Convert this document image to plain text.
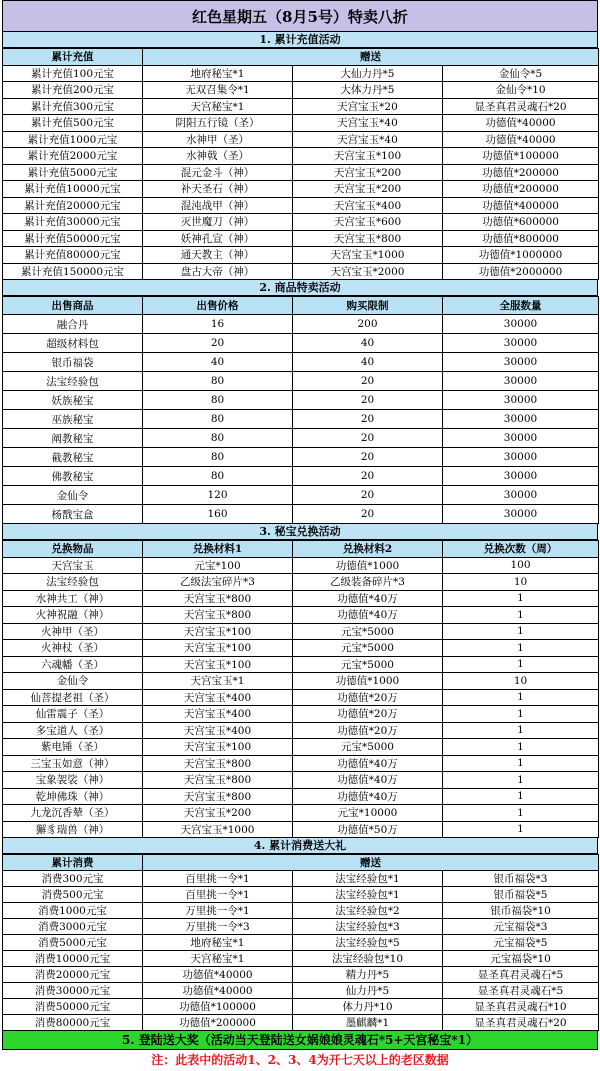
红色星期五（8月5号）特卖八折
1. 累计充值活动
累计充值	赠送		
累计充值100元宝	地府秘宝*1	大仙力丹*5	金仙令*5
累计充值200元宝	无双召集令*1	大体力丹*5	金仙令*10
累计充值300元宝	天宫秘宝*1	天宫宝玉*20	显圣真君灵魂石*20
累计充值500元宝	阴阳五行镜（圣）	天宫宝玉*40	功德值*40000
累计充值1000元宝	水神甲（圣）	天宫宝玉*40	功德值*40000
累计充值2000元宝	水神戟（圣）	天宫宝玉*100	功德值*100000
累计充值5000元宝	混元金斗（神）	天宫宝玉*200	功德值*200000
累计充值10000元宝	补天圣石（神）	天宫宝玉*200	功德值*200000
累计充值20000元宝	混沌战甲（神）	天宫宝玉*400	功德值*400000
累计充值30000元宝	灭世魔刀（神）	天宫宝玉*600	功德值*600000
累计充值50000元宝	妖神孔宣（神）	天宫宝玉*800	功德值*800000
累计充值80000元宝	通天教主（神）	天宫宝玉*1000	功德值*1000000
累计充值150000元宝	盘古大帝（神）	天宫宝玉*2000	功德值*2000000
2. 商品特卖活动
出售商品	出售价格	购买限制	全服数量
融合丹	16	200	30000
超级材料包	20	40	30000
银币福袋	40	40	30000
法宝经验包	80	20	30000
妖族秘宝	80	20	30000
巫族秘宝	80	20	30000
阐教秘宝	80	20	30000
截教秘宝	80	20	30000
佛教秘宝	80	20	30000
金仙令	120	20	30000
杨戬宝盒	160	20	30000
3. 秘宝兑换活动
兑换物品	兑换材料1	兑换材料2	兑换次数（周）
天宫宝玉	元宝*100	功德值*1000	100
法宝经验包	乙级法宝碎片*3	乙级装备碎片*3	10
水神共工（神）	天宫宝玉*800	功德值*40万	1
火神祝融（神）	天宫宝玉*800	功德值*40万	1
火神甲（圣）	天宫宝玉*100	元宝*5000	1
火神杖（圣）	天宫宝玉*100	元宝*5000	1
六魂幡（圣）	天宫宝玉*100	元宝*5000	1
金仙令	天宫宝玉*1	功德值*1000	10
仙菩提老祖（圣）	天宫宝玉*400	功德值*20万	1
仙雷震子（圣）	天宫宝玉*400	功德值*20万	1
多宝道人（圣）	天宫宝玉*400	功德值*20万	1
紫电锤（圣）	天宫宝玉*100	元宝*5000	1
三宝玉如意（神）	天宫宝玉*800	功德值*40万	1
宝象袈裟（神）	天宫宝玉*800	功德值*40万	1
乾坤佛珠（神）	天宫宝玉*800	功德值*40万	1
九龙沉香辇（圣）	天宫宝玉*200	元宝*10000	1
獬豸瑞兽（神）	天宫宝玉*1000	功德值*50万	1
4. 累计消费送大礼
累计消费	赠送		
消费300元宝	百里挑一令*1	法宝经验包*1	银币福袋*3
消费500元宝	百里挑一令*1	法宝经验包*1	银币福袋*5
消费1000元宝	万里挑一令*1	法宝经验包*2	银币福袋*10
消费3000元宝	万里挑一令*3	法宝经验包*3	元宝福袋*3
消费5000元宝	地府秘宝*1	法宝经验包*5	元宝福袋*5
消费10000元宝	天宫秘宝*1	法宝经验包*10	元宝福袋*10
消费20000元宝	功德值*40000	精力丹*5	显圣真君灵魂石*5
消费30000元宝	功德值*40000	仙力丹*5	显圣真君灵魂石*5
消费50000元宝	功德值*100000	体力丹*10	显圣真君灵魂石*10
消费80000元宝	功德值*200000	墨麒麟*1	显圣真君灵魂石*20
5. 登陆送大奖（活动当天登陆送女娲娘娘灵魂石*5+天宫秘宝*1）
注：此表中的活动1、2、3、4为开七天以上的老区数据
